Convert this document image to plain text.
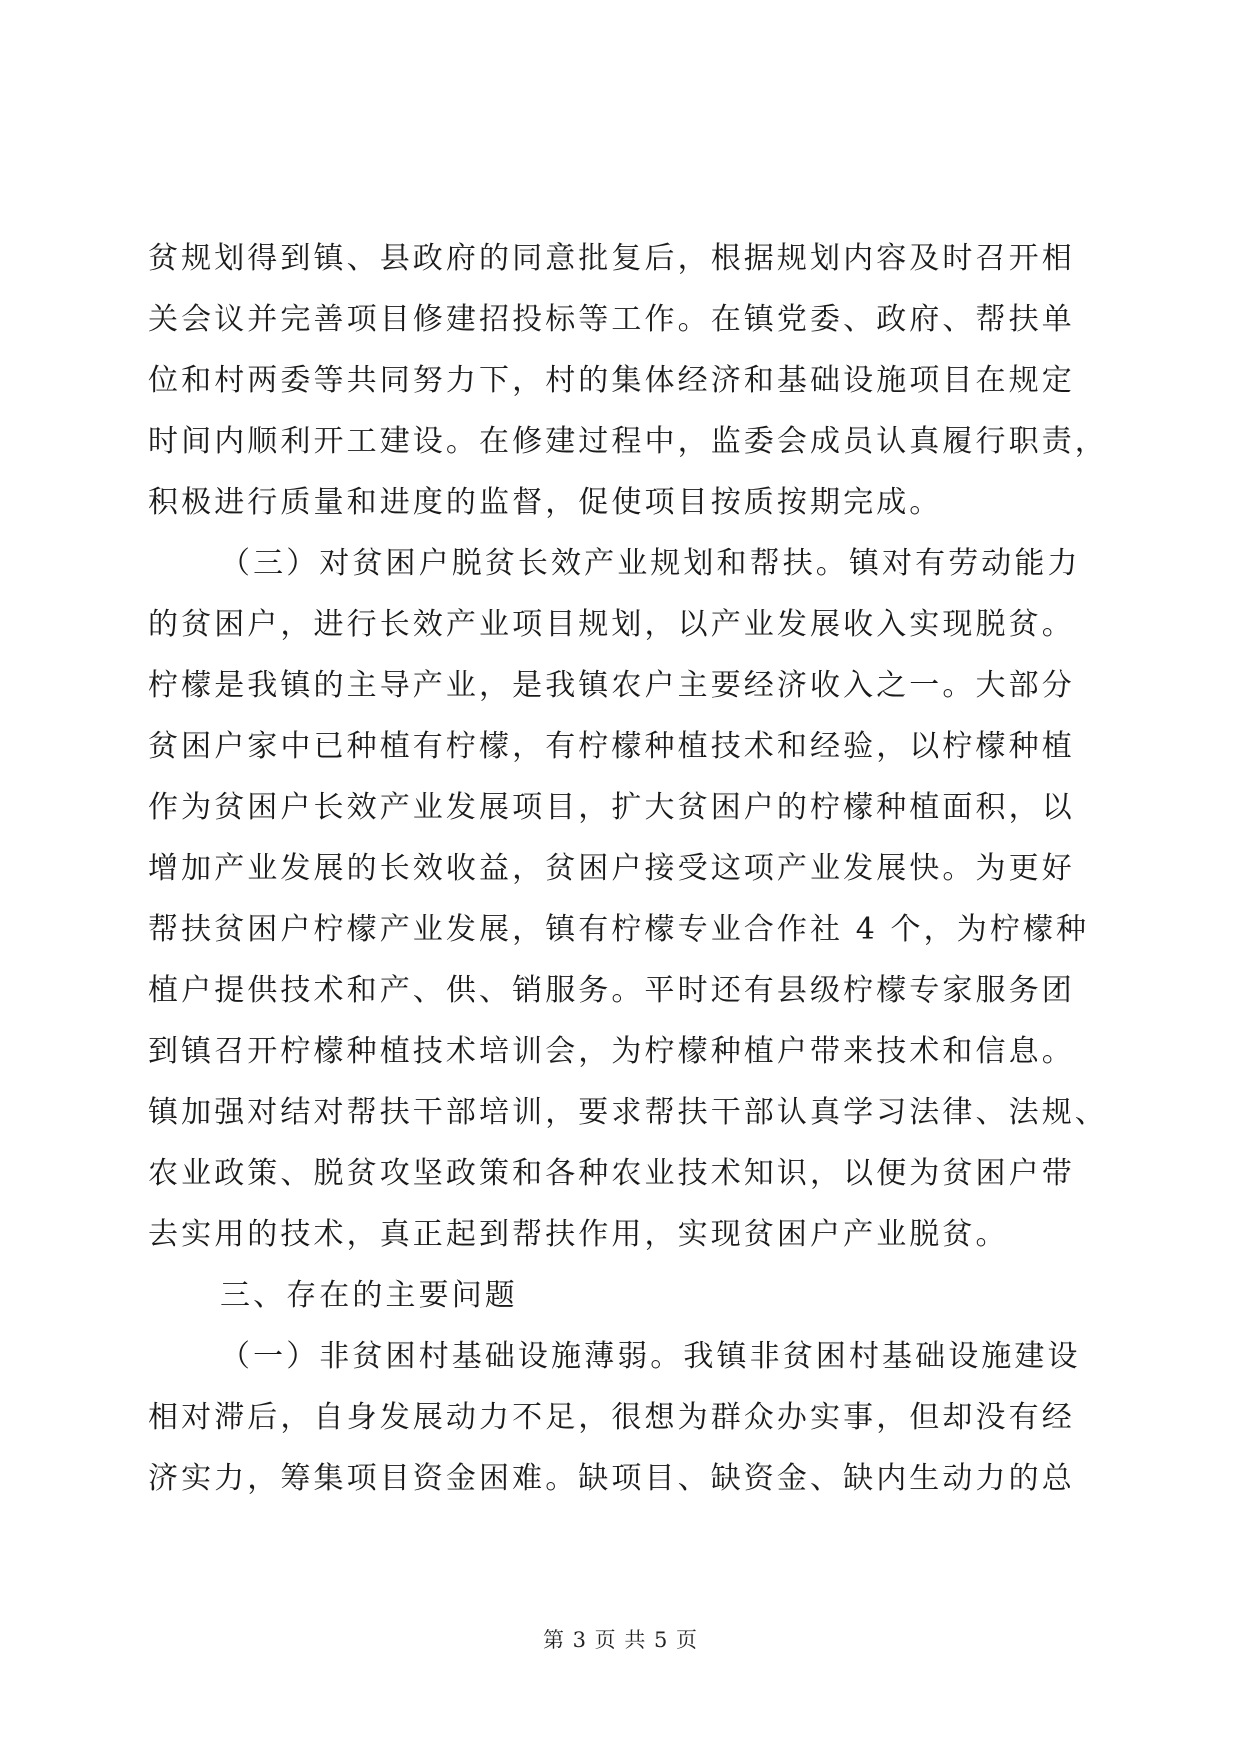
贫规划得到镇、县政府的同意批复后，根据规划内容及时召开相
关会议并完善项目修建招投标等工作。在镇党委、政府、帮扶单
位和村两委等共同努力下，村的集体经济和基础设施项目在规定
时间内顺利开工建设。在修建过程中，监委会成员认真履行职责，
积极进行质量和进度的监督，促使项目按质按期完成。
（三）对贫困户脱贫长效产业规划和帮扶。镇对有劳动能力
的贫困户，进行长效产业项目规划，以产业发展收入实现脱贫。
柠檬是我镇的主导产业，是我镇农户主要经济收入之一。大部分
贫困户家中已种植有柠檬，有柠檬种植技术和经验，以柠檬种植
作为贫困户长效产业发展项目，扩大贫困户的柠檬种植面积，以
增加产业发展的长效收益，贫困户接受这项产业发展快。为更好
帮扶贫困户柠檬产业发展，镇有柠檬专业合作社 4 个，为柠檬种
植户提供技术和产、供、销服务。平时还有县级柠檬专家服务团
到镇召开柠檬种植技术培训会，为柠檬种植户带来技术和信息。
镇加强对结对帮扶干部培训，要求帮扶干部认真学习法律、法规、
农业政策、脱贫攻坚政策和各种农业技术知识，以便为贫困户带
去实用的技术，真正起到帮扶作用，实现贫困户产业脱贫。
三、存在的主要问题
（一）非贫困村基础设施薄弱。我镇非贫困村基础设施建设
相对滞后，自身发展动力不足，很想为群众办实事，但却没有经
济实力，筹集项目资金困难。缺项目、缺资金、缺内生动力的总
第 3 页 共 5 页
